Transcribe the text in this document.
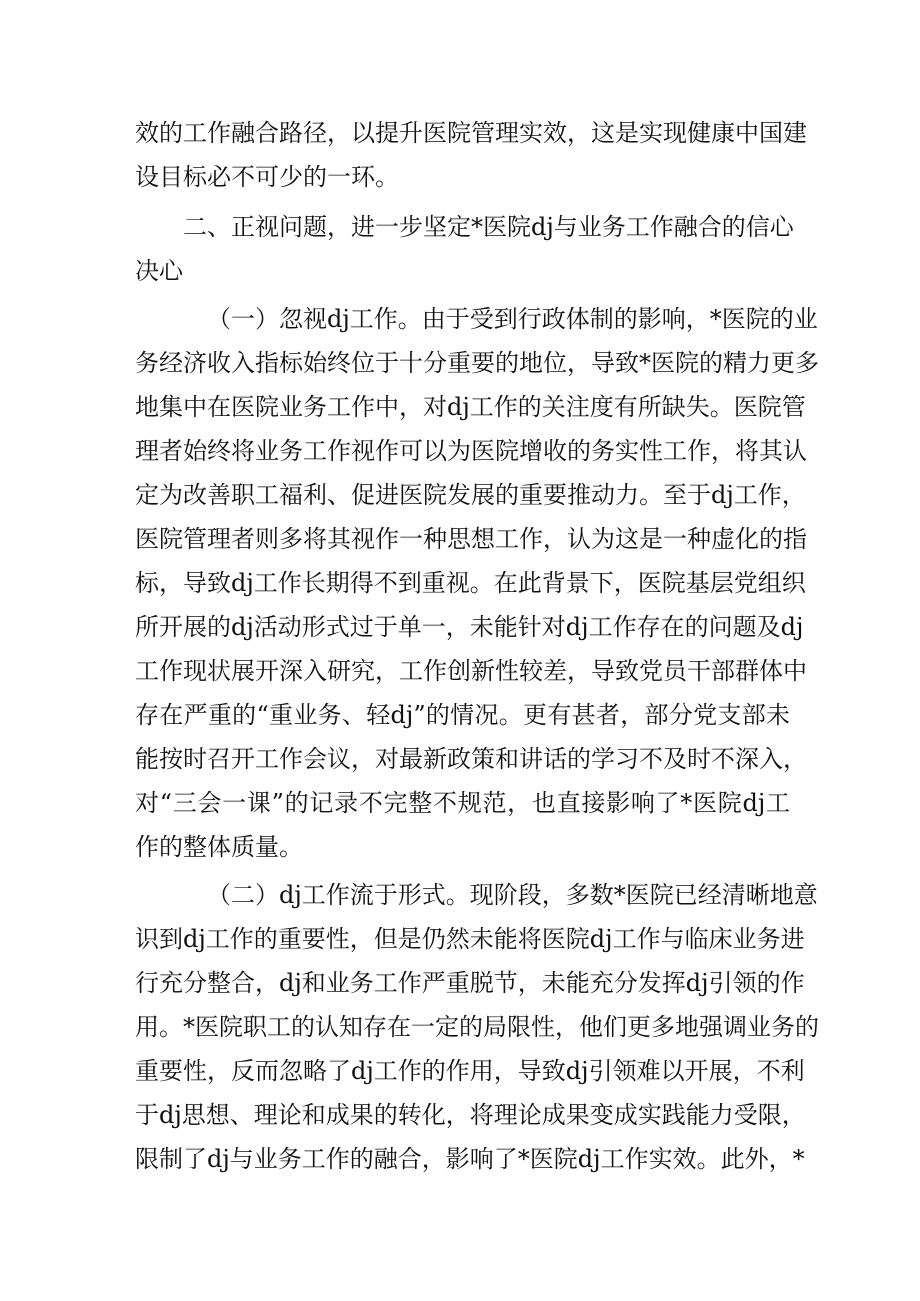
效的工作融合路径，以提升医院管理实效，这是实现健康中国建
设目标必不可少的一环。
二、正视问题，进一步坚定*医院dj与业务工作融合的信心
决心
（一）忽视dj工作。由于受到行政体制的影响，*医院的业
务经济收入指标始终位于十分重要的地位，导致*医院的精力更多
地集中在医院业务工作中，对dj工作的关注度有所缺失。医院管
理者始终将业务工作视作可以为医院增收的务实性工作，将其认
定为改善职工福利、促进医院发展的重要推动力。至于dj工作，
医院管理者则多将其视作一种思想工作，认为这是一种虚化的指
标，导致dj工作长期得不到重视。在此背景下，医院基层党组织
所开展的dj活动形式过于单一，未能针对dj工作存在的问题及dj
工作现状展开深入研究，工作创新性较差，导致党员干部群体中
存在严重的“重业务、轻dj”的情况。更有甚者，部分党支部未
能按时召开工作会议，对最新政策和讲话的学习不及时不深入，
对“三会一课”的记录不完整不规范，也直接影响了*医院dj工
作的整体质量。
（二）dj工作流于形式。现阶段，多数*医院已经清晰地意
识到dj工作的重要性，但是仍然未能将医院dj工作与临床业务进
行充分整合，dj和业务工作严重脱节，未能充分发挥dj引领的作
用。*医院职工的认知存在一定的局限性，他们更多地强调业务的
重要性，反而忽略了dj工作的作用，导致dj引领难以开展，不利
于dj思想、理论和成果的转化，将理论成果变成实践能力受限，
限制了dj与业务工作的融合，影响了*医院dj工作实效。此外，*
